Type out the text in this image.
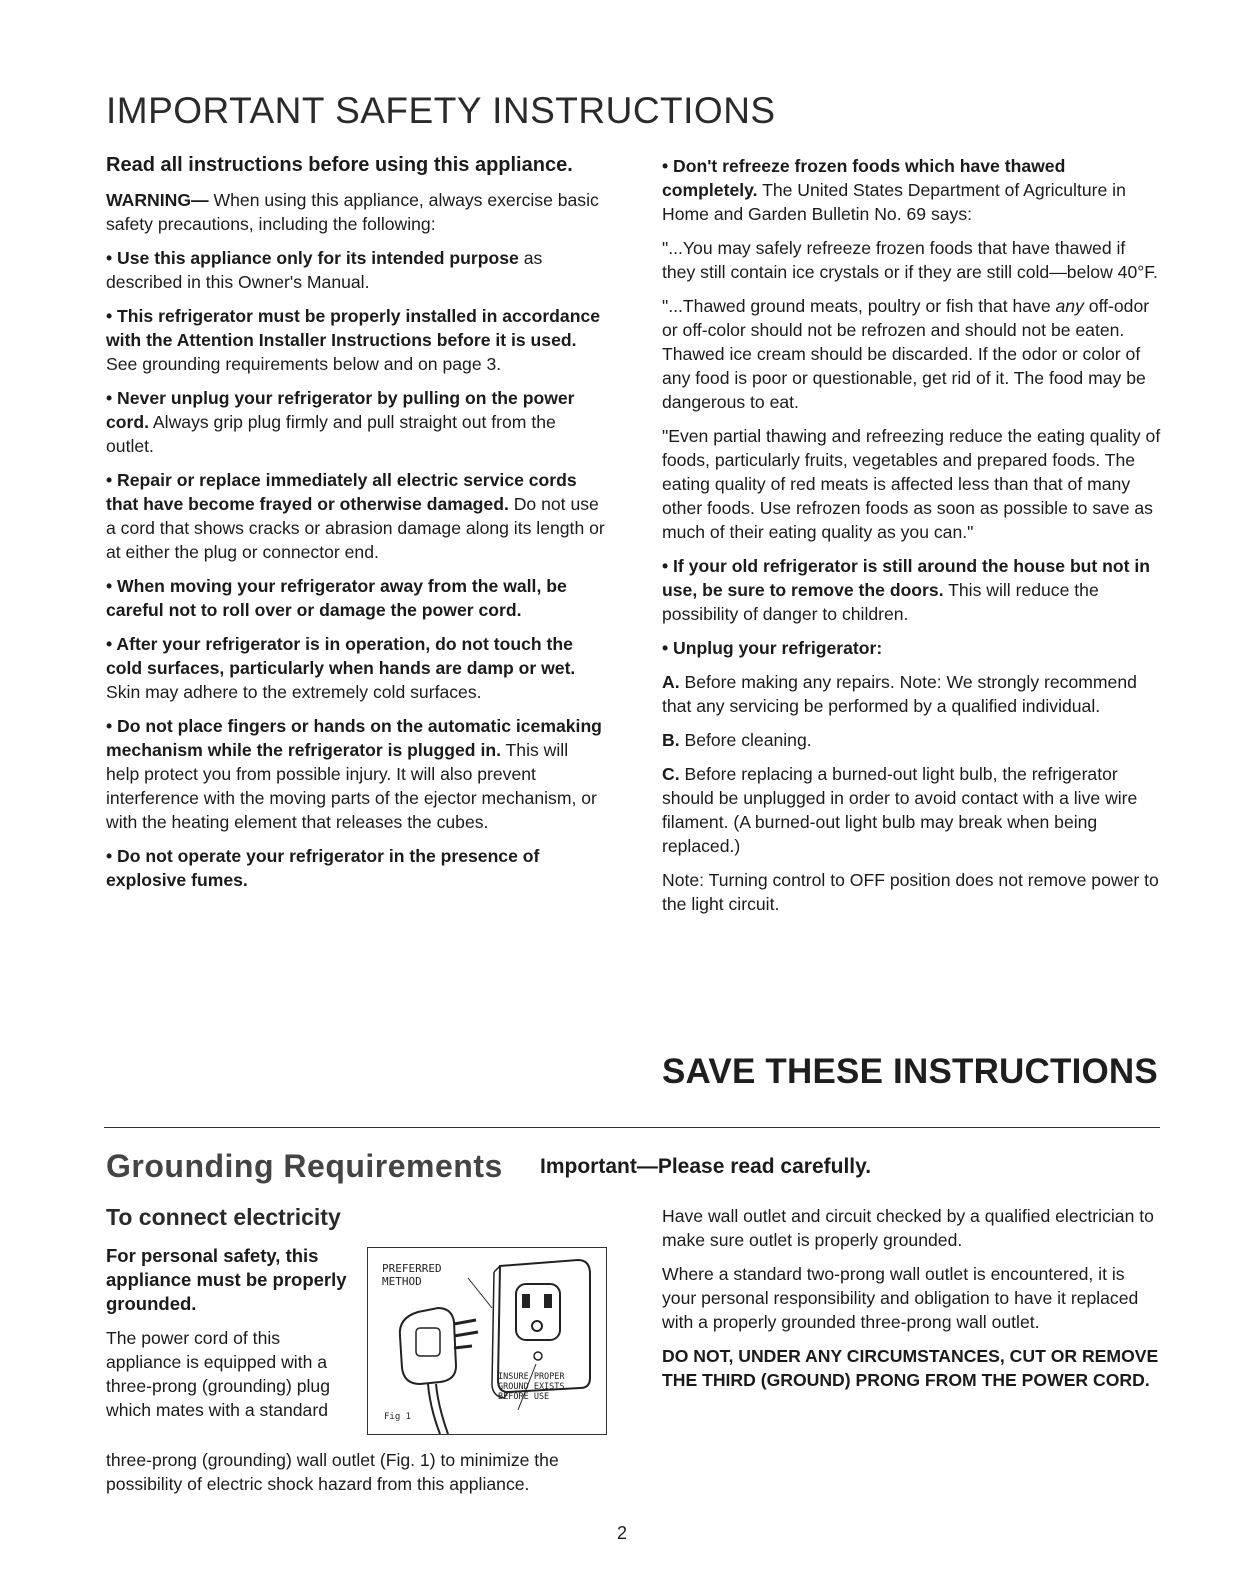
IMPORTANT SAFETY INSTRUCTIONS

Read all instructions before using this appliance.

WARNING— When using this appliance, always exercise basic safety precautions, including the following:

• Use this appliance only for its intended purpose as described in this Owner's Manual.

• This refrigerator must be properly installed in accordance with the Attention Installer Instructions before it is used. See grounding requirements below and on page 3.

• Never unplug your refrigerator by pulling on the power cord. Always grip plug firmly and pull straight out from the outlet.

• Repair or replace immediately all electric service cords that have become frayed or otherwise damaged. Do not use a cord that shows cracks or abrasion damage along its length or at either the plug or connector end.

• When moving your refrigerator away from the wall, be careful not to roll over or damage the power cord.

• After your refrigerator is in operation, do not touch the cold surfaces, particularly when hands are damp or wet. Skin may adhere to the extremely cold surfaces.

• Do not place fingers or hands on the automatic icemaking mechanism while the refrigerator is plugged in. This will help protect you from possible injury. It will also prevent interference with the moving parts of the ejector mechanism, or with the heating element that releases the cubes.

• Do not operate your refrigerator in the presence of explosive fumes.

• Don't refreeze frozen foods which have thawed completely. The United States Department of Agriculture in Home and Garden Bulletin No. 69 says:

"...You may safely refreeze frozen foods that have thawed if they still contain ice crystals or if they are still cold—below 40°F.

"...Thawed ground meats, poultry or fish that have any off-odor or off-color should not be refrozen and should not be eaten. Thawed ice cream should be discarded. If the odor or color of any food is poor or questionable, get rid of it. The food may be dangerous to eat.

"Even partial thawing and refreezing reduce the eating quality of foods, particularly fruits, vegetables and prepared foods. The eating quality of red meats is affected less than that of many other foods. Use refrozen foods as soon as possible to save as much of their eating quality as you can."

• If your old refrigerator is still around the house but not in use, be sure to remove the doors. This will reduce the possibility of danger to children.

• Unplug your refrigerator:

A. Before making any repairs. Note: We strongly recommend that any servicing be performed by a qualified individual.

B. Before cleaning.

C. Before replacing a burned-out light bulb, the refrigerator should be unplugged in order to avoid contact with a live wire filament. (A burned-out light bulb may break when being replaced.)

Note: Turning control to OFF position does not remove power to the light circuit.

SAVE THESE INSTRUCTIONS
Grounding Requirements Important—Please read carefully.

To connect electricity

For personal safety, this appliance must be properly grounded.

The power cord of this appliance is equipped with a three-prong (grounding) plug which mates with a standard

three-prong (grounding) wall outlet (Fig. 1) to minimize the possibility of electric shock hazard from this appliance.

PREFERRED
METHOD
INSURE PROPER
GROUND EXISTS
BEFORE USE
Fig 1

Have wall outlet and circuit checked by a qualified electrician to make sure outlet is properly grounded.

Where a standard two-prong wall outlet is encountered, it is your personal responsibility and obligation to have it replaced with a properly grounded three-prong wall outlet.

DO NOT, UNDER ANY CIRCUMSTANCES, CUT OR REMOVE THE THIRD (GROUND) PRONG FROM THE POWER CORD.

2
